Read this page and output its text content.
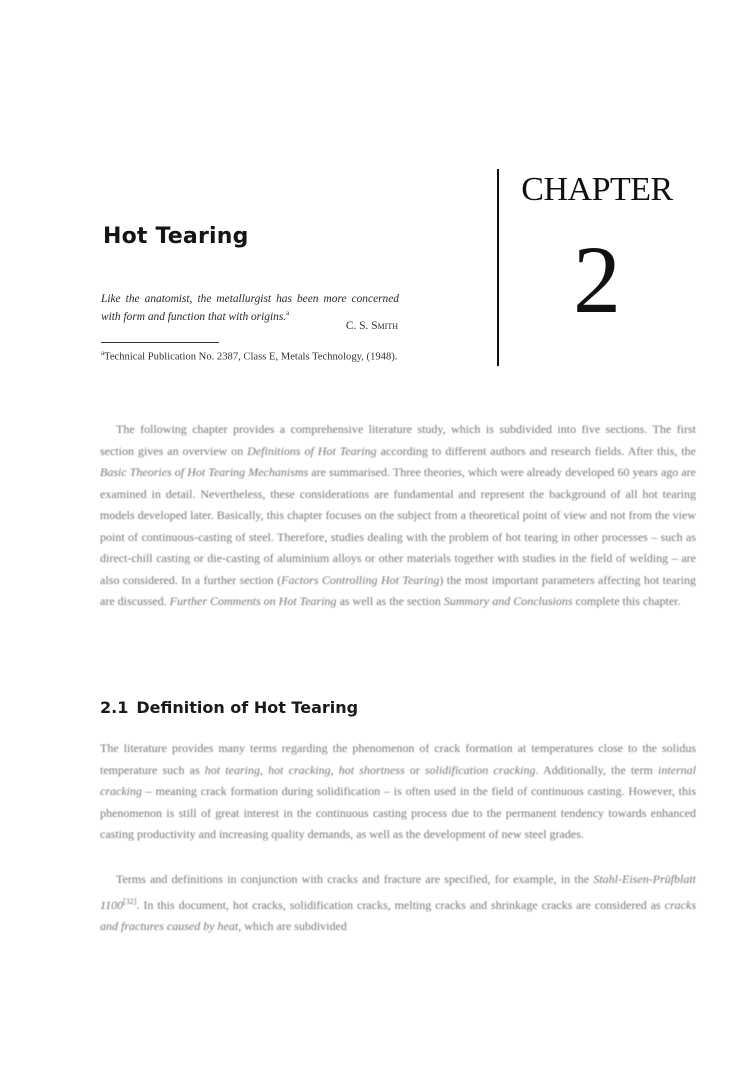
CHAPTER
2
Hot Tearing
Like the anatomist, the metallurgist has been more concerned with form and function that with origins.$^a$
C. S. Smith
$^a$Technical Publication No. 2387, Class E, Metals Technology, (1948).

The following chapter provides a comprehensive literature study, which is subdivided into five sections. The first section gives an overview on Definitions of Hot Tearing according to different authors and research fields. After this, the Basic Theories of Hot Tearing Mechanisms are summarised. Three theories, which were already developed 60 years ago are examined in detail. Nevertheless, these considerations are fundamental and represent the background of all hot tearing models developed later. Basically, this chapter focuses on the subject from a theoretical point of view and not from the view point of continuous-casting of steel. Therefore, studies dealing with the problem of hot tearing in other processes – such as direct-chill casting or die-casting of aluminium alloys or other materials together with studies in the field of welding – are also considered. In a further section (Factors Controlling Hot Tearing) the most important parameters affecting hot tearing are discussed. Further Comments on Hot Tearing as well as the section Summary and Conclusions complete this chapter.

2.1 Definition of Hot Tearing

The literature provides many terms regarding the phenomenon of crack formation at temperatures close to the solidus temperature such as hot tearing, hot cracking, hot shortness or solidification cracking. Additionally, the term internal cracking – meaning crack formation during solidification – is often used in the field of continuous casting. However, this phenomenon is still of great interest in the continuous casting process due to the permanent tendency towards enhanced casting productivity and increasing quality demands, as well as the development of new steel grades.

Terms and definitions in conjunction with cracks and fracture are specified, for example, in the Stahl-Eisen-Prüfblatt 1100[32]. In this document, hot cracks, solidification cracks, melting cracks and shrinkage cracks are considered as cracks and fractures caused by heat, which are subdivided
